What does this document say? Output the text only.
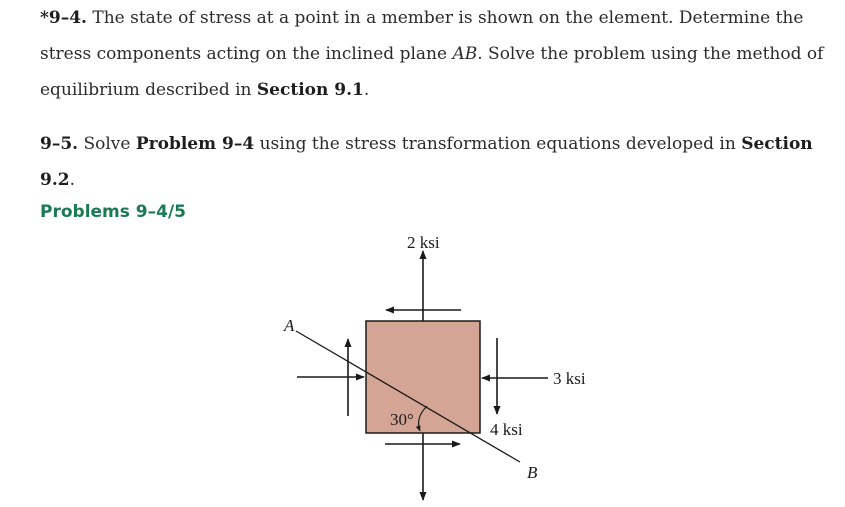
*9–4. The state of stress at a point in a member is shown on the element. Determine the stress components acting on the inclined plane AB. Solve the problem using the method of equilibrium described in Section 9.1.

9–5. Solve Problem 9–4 using the stress transformation equations developed in Section 9.2.

Problems 9–4/5

2 ksi
3 ksi
4 ksi
30°
A
B
